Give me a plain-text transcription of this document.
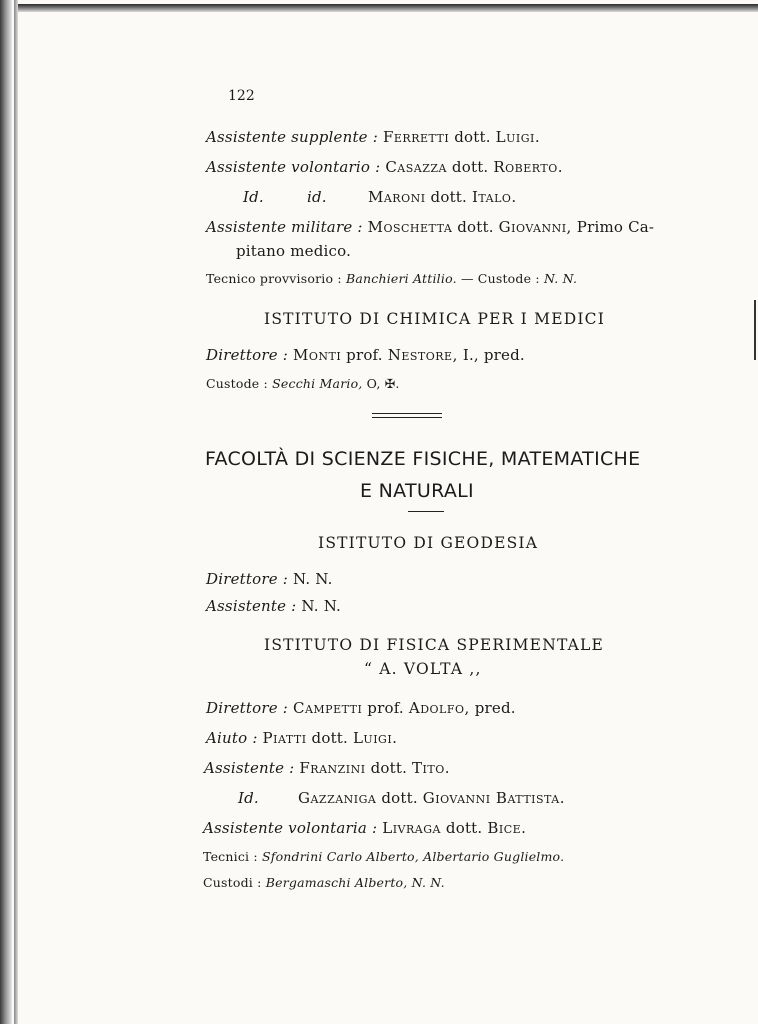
122
Assistente supplente : Ferretti dott. Luigi.
Assistente volontario : Casazza dott. Roberto.
Id.	id.	Maroni dott. Italo.
Assistente militare : Moschetta dott. Giovanni, Primo Ca-
pitano medico.
Tecnico provvisorio : Banchieri Attilio. — Custode : N. N.
ISTITUTO DI CHIMICA PER I MEDICI
Direttore : Monti prof. Nestore, I., pred.
Custode : Secchi Mario, O, ✠.
FACOLTÀ DI SCIENZE FISICHE, MATEMATICHE
E NATURALI
ISTITUTO DI GEODESIA
Direttore : N. N.
Assistente : N. N.
ISTITUTO DI FISICA SPERIMENTALE
“ A. VOLTA ,,
Direttore : Campetti prof. Adolfo, pred.
Aiuto : Piatti dott. Luigi.
Assistente : Franzini dott. Tito.
Id.	Gazzaniga dott. Giovanni Battista.
Assistente volontaria : Livraga dott. Bice.
Tecnici : Sfondrini Carlo Alberto, Albertario Guglielmo.
Custodi : Bergamaschi Alberto, N. N.
